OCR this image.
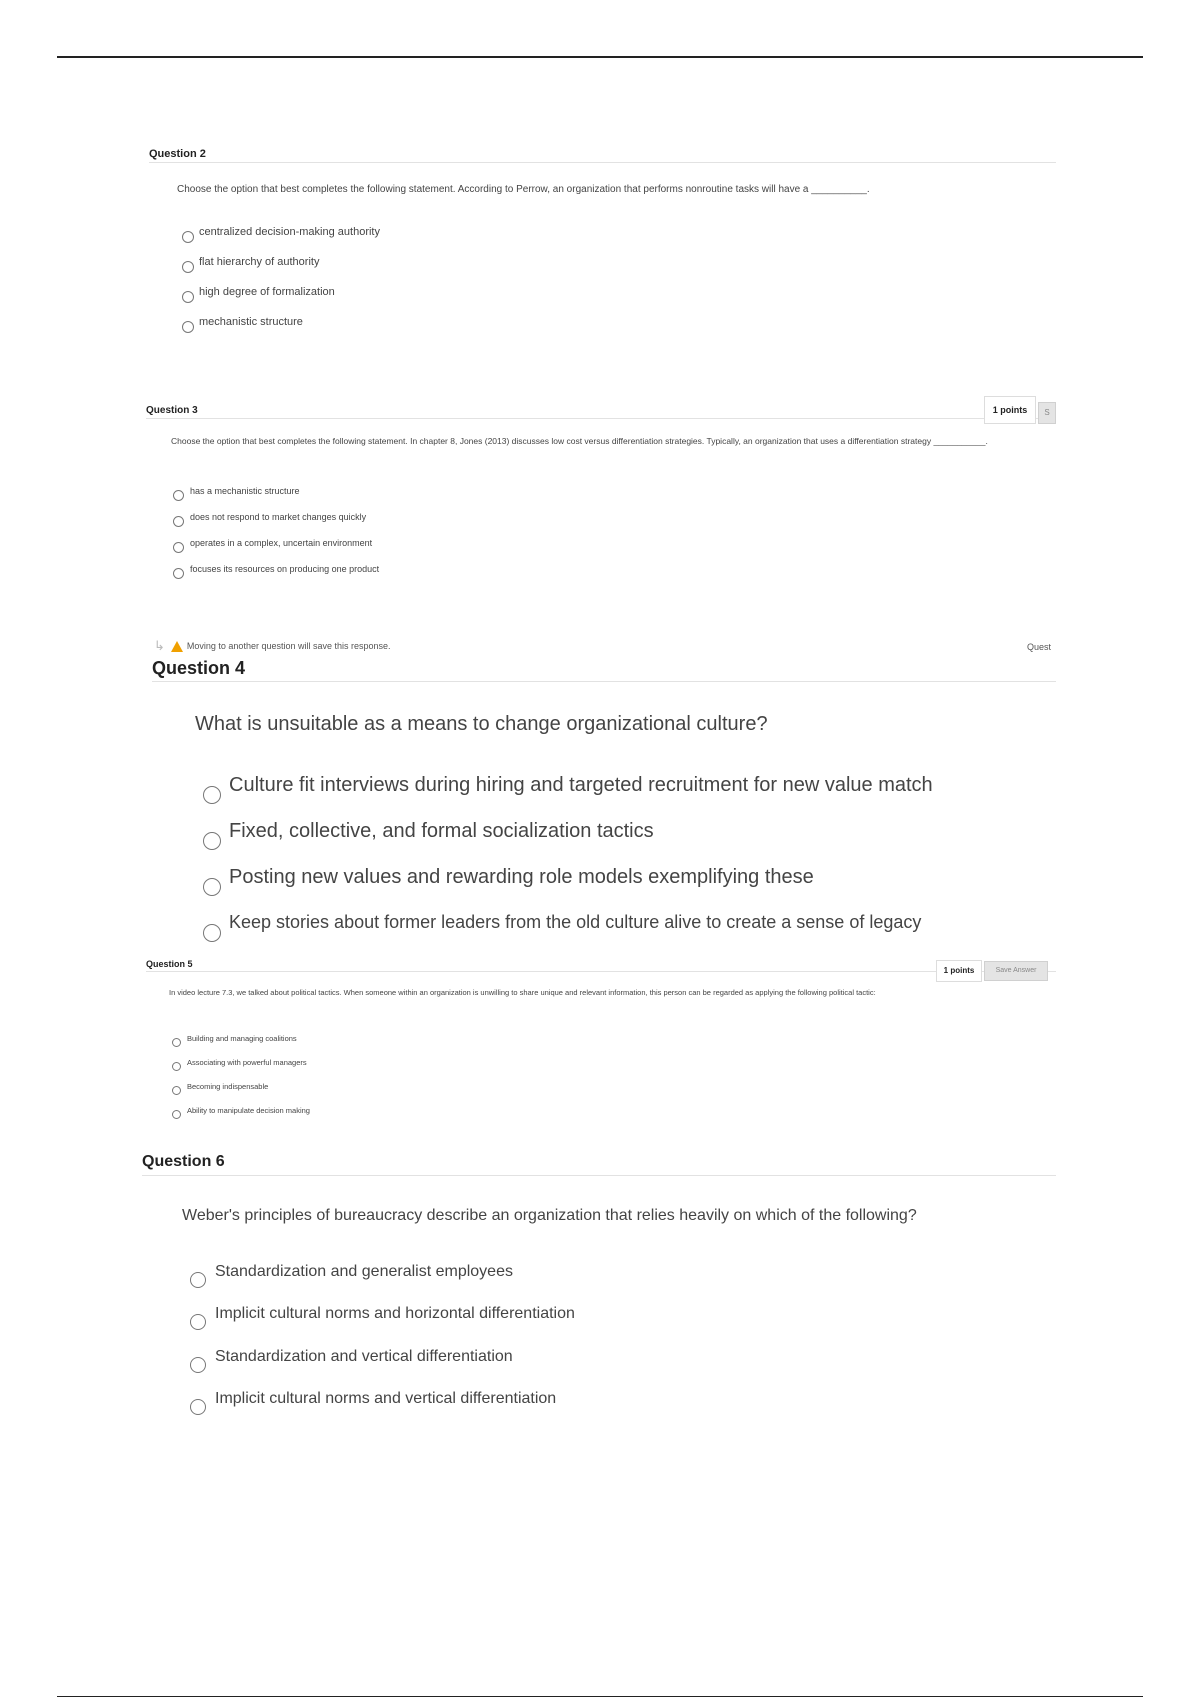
Question 2
Choose the option that best completes the following statement. According to Perrow, an organization that performs nonroutine tasks will have a __________.
centralized decision-making authority
flat hierarchy of authority
high degree of formalization
mechanistic structure
Question 3	1 points	S
Choose the option that best completes the following statement. In chapter 8, Jones (2013) discusses low cost versus differentiation strategies. Typically, an organization that uses a differentiation strategy ___________.
has a mechanistic structure
does not respond to market changes quickly
operates in a complex, uncertain environment
focuses its resources on producing one product
↳ Moving to another question will save this response.	Quest
Question 4
What is unsuitable as a means to change organizational culture?
Culture fit interviews during hiring and targeted recruitment for new value match
Fixed, collective, and formal socialization tactics
Posting new values and rewarding role models exemplifying these
Keep stories about former leaders from the old culture alive to create a sense of legacy
Question 5
1 points	Save Answer
In video lecture 7.3, we talked about political tactics. When someone within an organization is unwilling to share unique and relevant information, this person can be regarded as applying the following political tactic:
Building and managing coalitions
Associating with powerful managers
Becoming indispensable
Ability to manipulate decision making
Question 6
Weber's principles of bureaucracy describe an organization that relies heavily on which of the following?
Standardization and generalist employees
Implicit cultural norms and horizontal differentiation
Standardization and vertical differentiation
Implicit cultural norms and vertical differentiation
